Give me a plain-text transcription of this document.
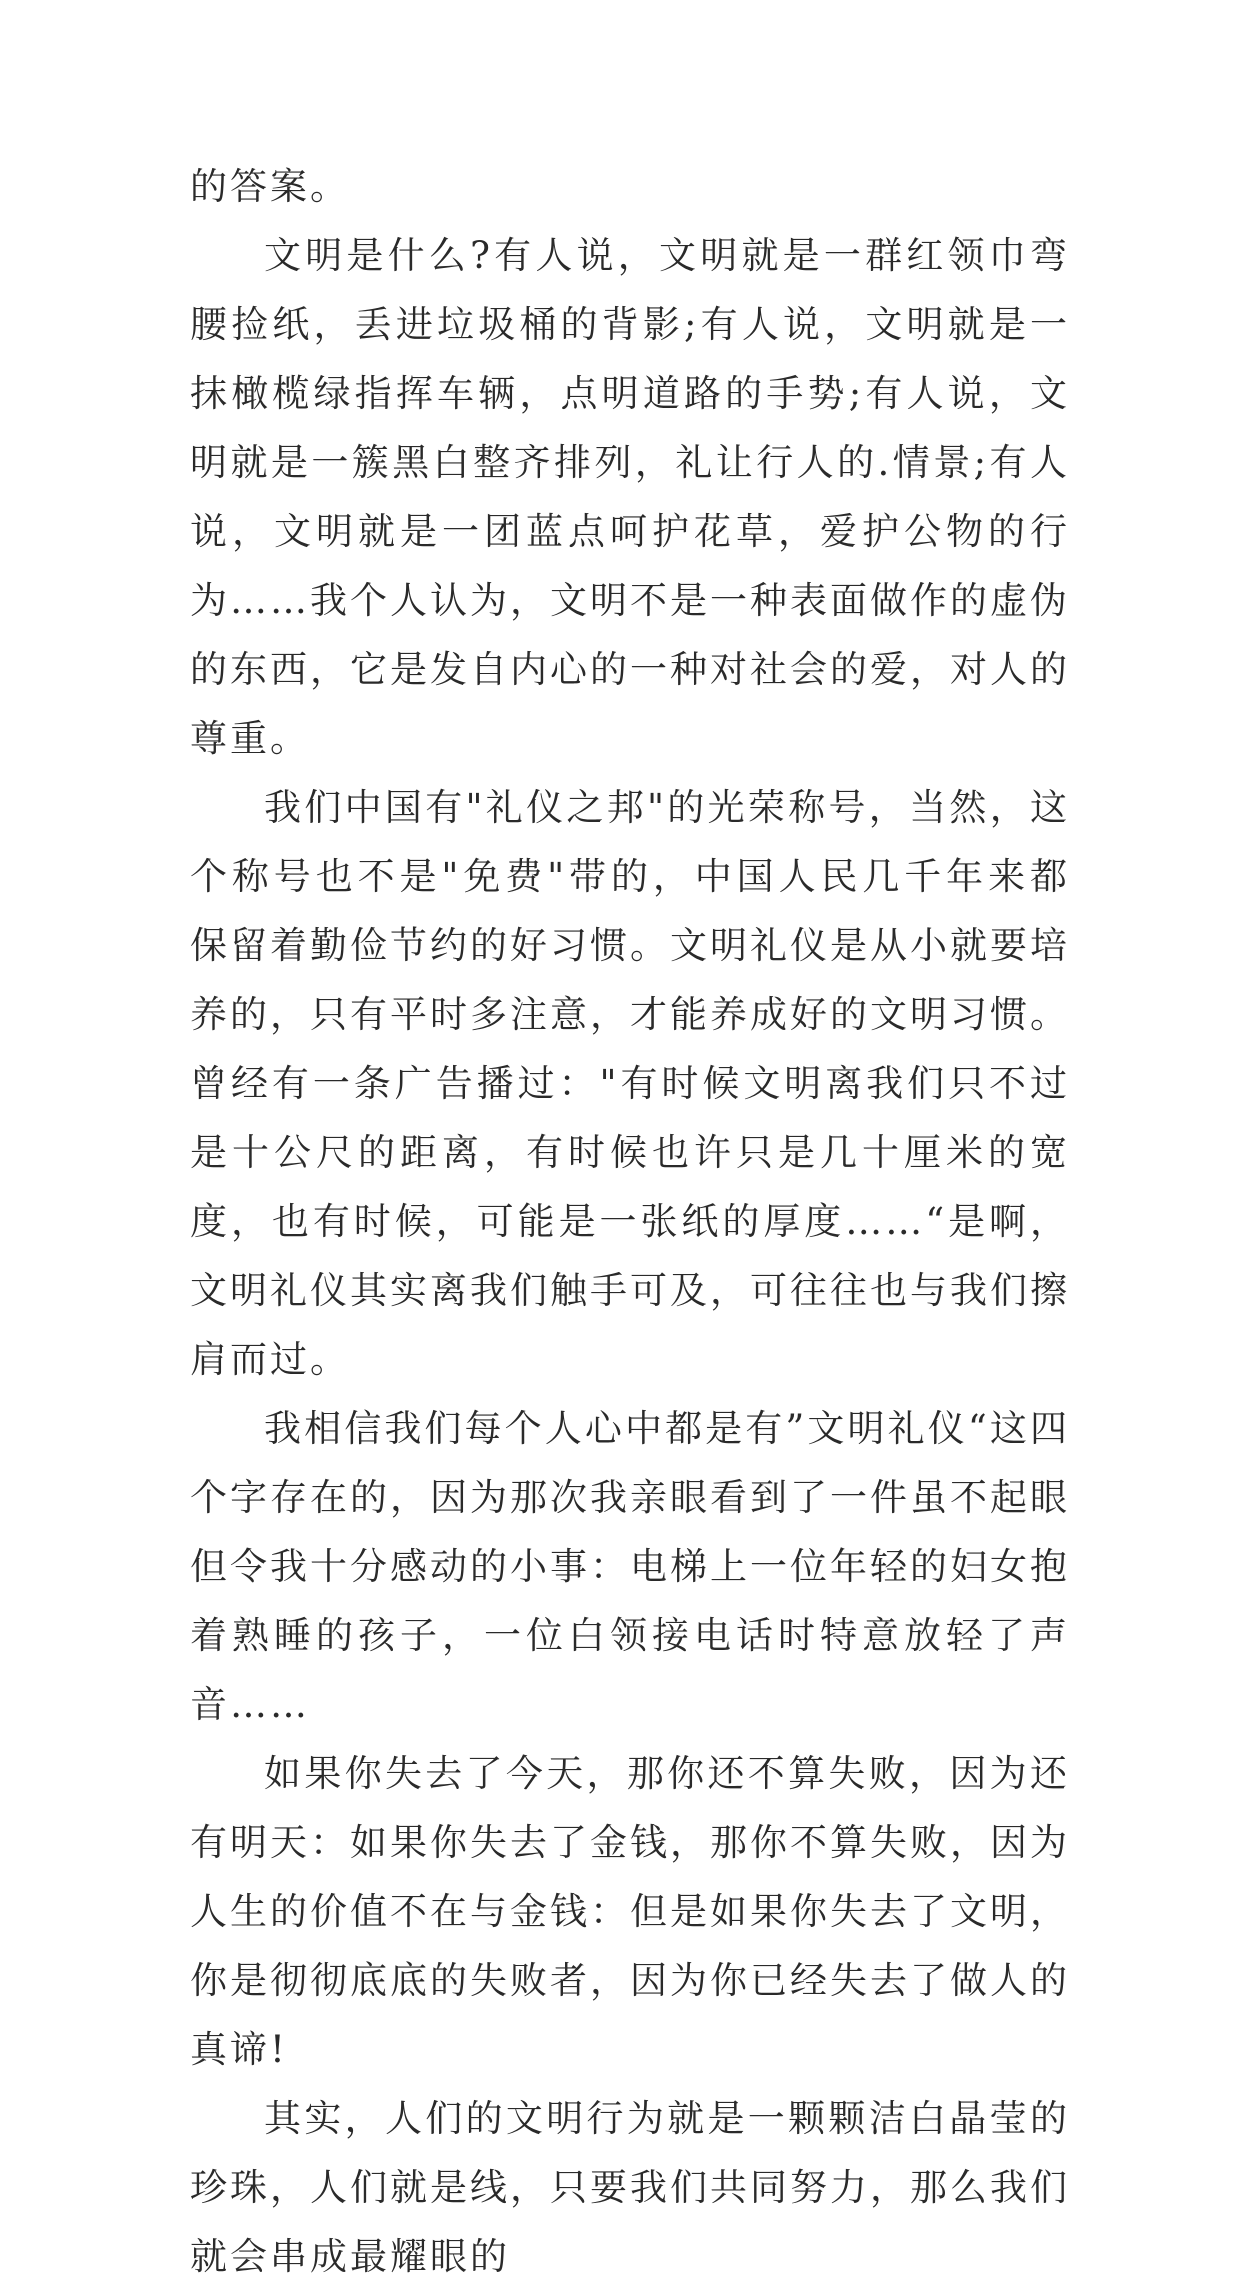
的答案。

文明是什么?有人说，文明就是一群红领巾弯腰捡纸，丢进垃圾桶的背影;有人说，文明就是一抹橄榄绿指挥车辆，点明道路的手势;有人说，文明就是一簇黑白整齐排列，礼让行人的.情景;有人说，文明就是一团蓝点呵护花草，爱护公物的行为……我个人认为，文明不是一种表面做作的虚伪的东西，它是发自内心的一种对社会的爱，对人的尊重。

我们中国有"礼仪之邦"的光荣称号，当然，这个称号也不是"免费"带的，中国人民几千年来都保留着勤俭节约的好习惯。文明礼仪是从小就要培养的，只有平时多注意，才能养成好的文明习惯。曾经有一条广告播过："有时候文明离我们只不过是十公尺的距离，有时候也许只是几十厘米的宽度，也有时候，可能是一张纸的厚度……“是啊，文明礼仪其实离我们触手可及，可往往也与我们擦肩而过。

我相信我们每个人心中都是有”文明礼仪“这四个字存在的，因为那次我亲眼看到了一件虽不起眼但令我十分感动的小事：电梯上一位年轻的妇女抱着熟睡的孩子，一位白领接电话时特意放轻了声音……

如果你失去了今天，那你还不算失败，因为还有明天：如果你失去了金钱，那你不算失败，因为人生的价值不在与金钱：但是如果你失去了文明，你是彻彻底底的失败者，因为你已经失去了做人的真谛!

其实，人们的文明行为就是一颗颗洁白晶莹的珍珠，人们就是线，只要我们共同努力，那么我们就会串成最耀眼的
